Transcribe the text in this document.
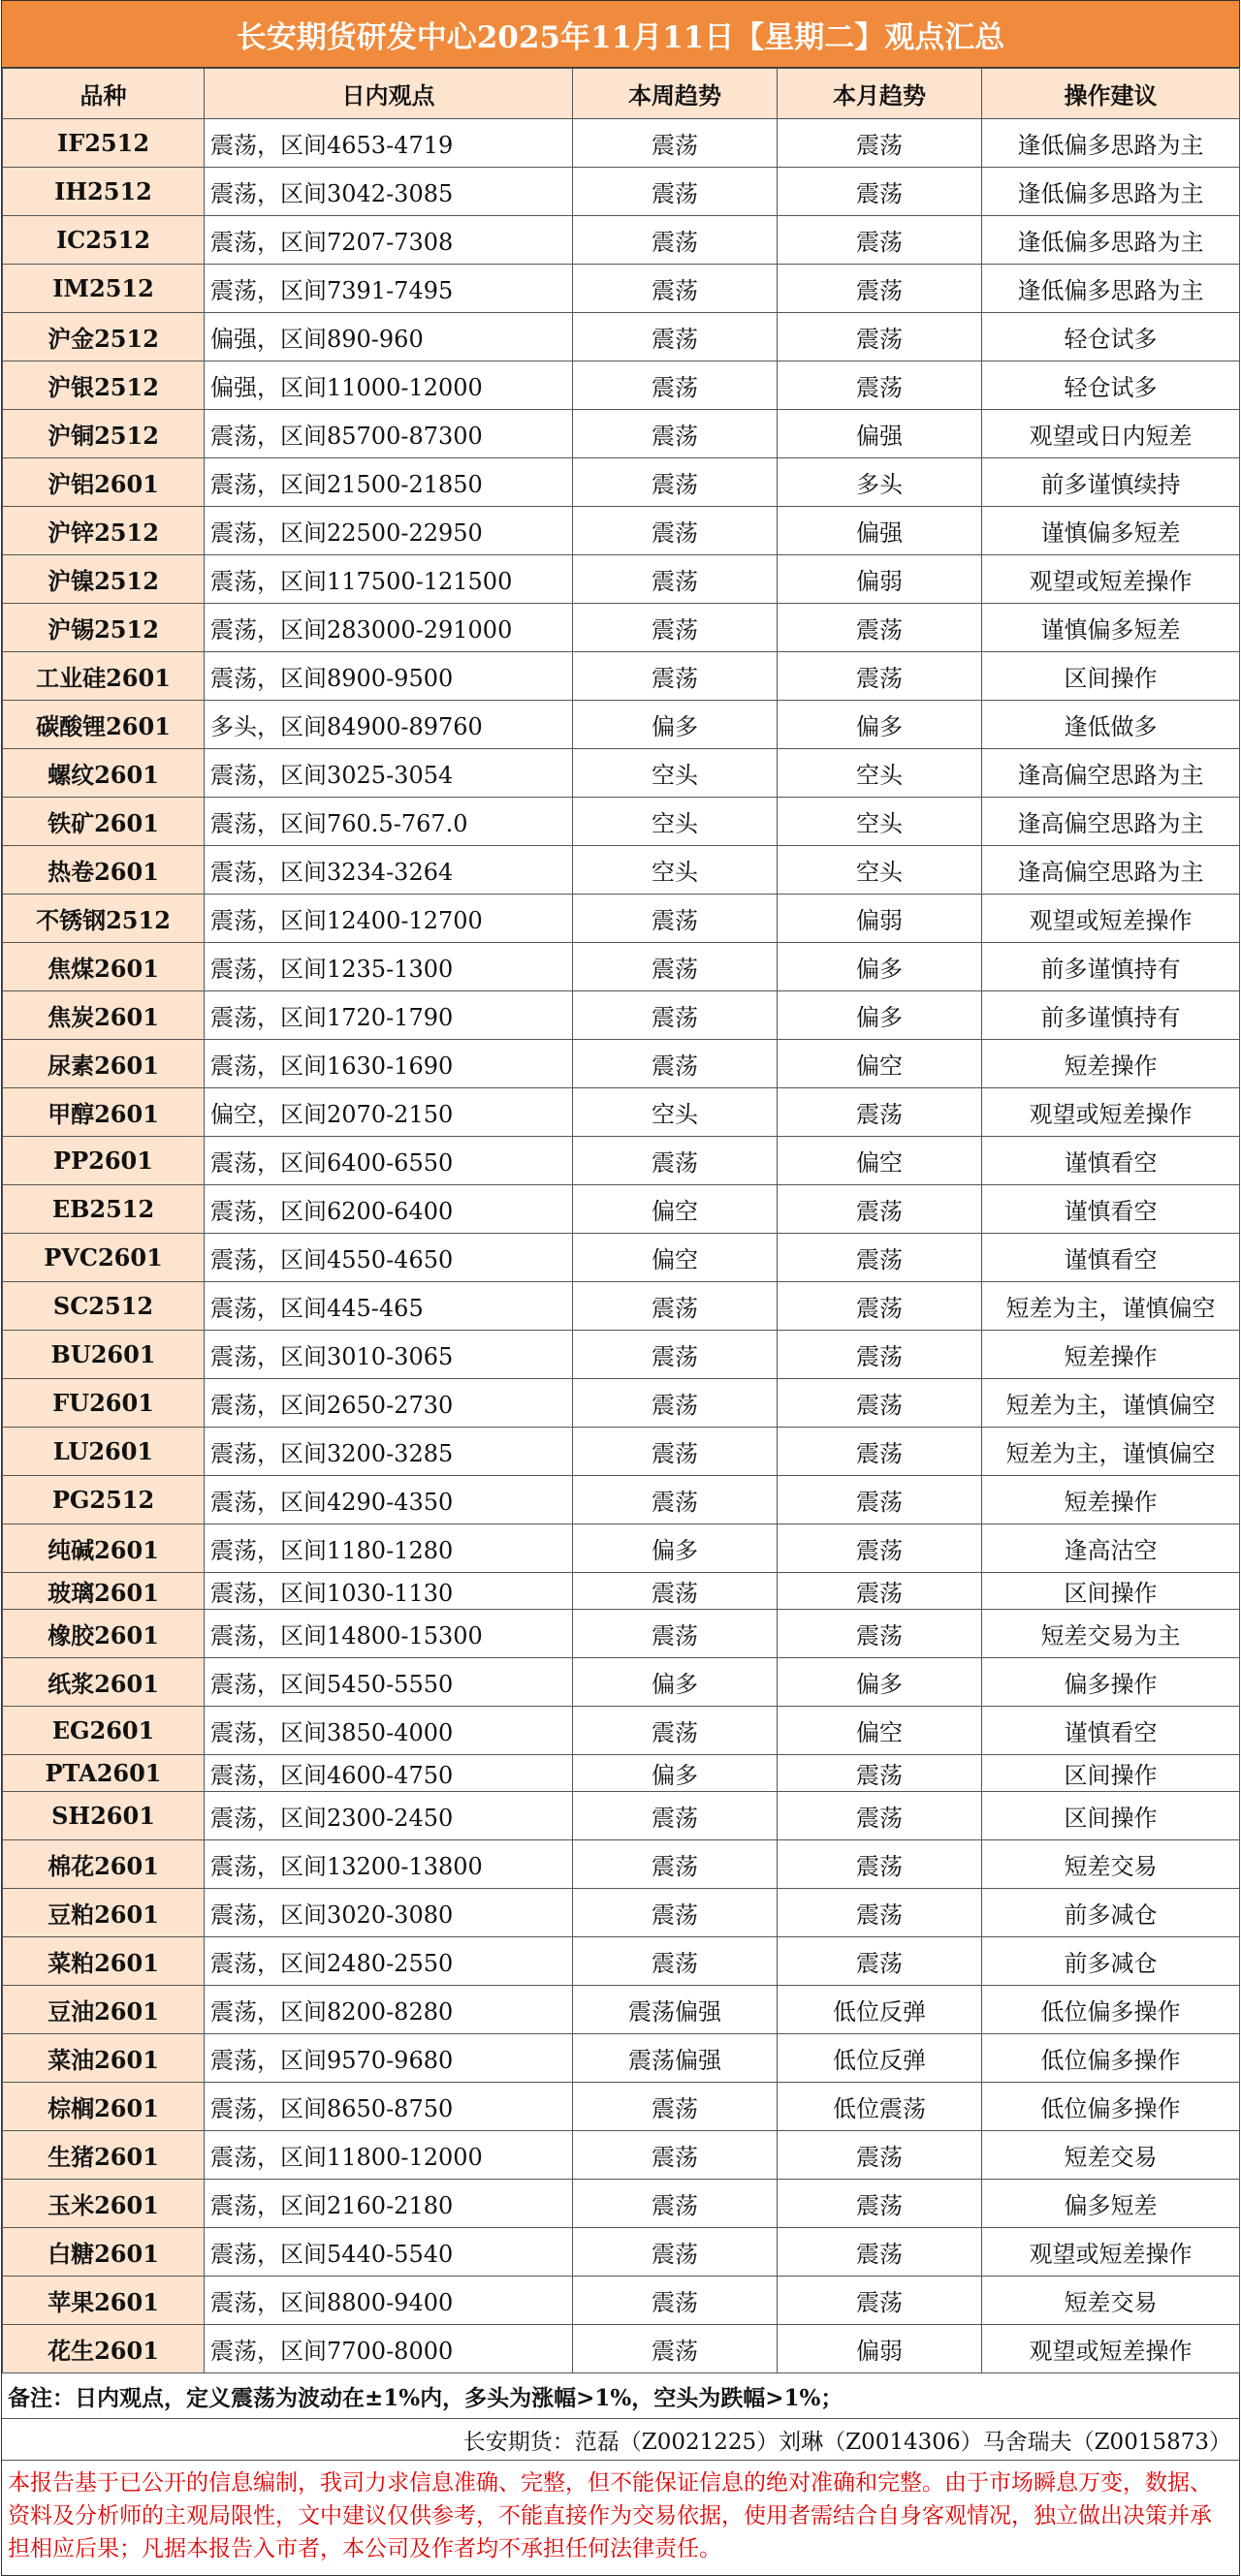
长安期货研发中心2025年11月11日【星期二】观点汇总
品种	日内观点	本周趋势	本月趋势	操作建议
IF2512	震荡，区间4653-4719	震荡	震荡	逢低偏多思路为主
IH2512	震荡，区间3042-3085	震荡	震荡	逢低偏多思路为主
IC2512	震荡，区间7207-7308	震荡	震荡	逢低偏多思路为主
IM2512	震荡，区间7391-7495	震荡	震荡	逢低偏多思路为主
沪金2512	偏强，区间890-960	震荡	震荡	轻仓试多
沪银2512	偏强，区间11000-12000	震荡	震荡	轻仓试多
沪铜2512	震荡，区间85700-87300	震荡	偏强	观望或日内短差
沪铝2601	震荡，区间21500-21850	震荡	多头	前多谨慎续持
沪锌2512	震荡，区间22500-22950	震荡	偏强	谨慎偏多短差
沪镍2512	震荡，区间117500-121500	震荡	偏弱	观望或短差操作
沪锡2512	震荡，区间283000-291000	震荡	震荡	谨慎偏多短差
工业硅2601	震荡，区间8900-9500	震荡	震荡	区间操作
碳酸锂2601	多头，区间84900-89760	偏多	偏多	逢低做多
螺纹2601	震荡，区间3025-3054	空头	空头	逢高偏空思路为主
铁矿2601	震荡，区间760.5-767.0	空头	空头	逢高偏空思路为主
热卷2601	震荡，区间3234-3264	空头	空头	逢高偏空思路为主
不锈钢2512	震荡，区间12400-12700	震荡	偏弱	观望或短差操作
焦煤2601	震荡，区间1235-1300	震荡	偏多	前多谨慎持有
焦炭2601	震荡，区间1720-1790	震荡	偏多	前多谨慎持有
尿素2601	震荡，区间1630-1690	震荡	偏空	短差操作
甲醇2601	偏空，区间2070-2150	空头	震荡	观望或短差操作
PP2601	震荡，区间6400-6550	震荡	偏空	谨慎看空
EB2512	震荡，区间6200-6400	偏空	震荡	谨慎看空
PVC2601	震荡，区间4550-4650	偏空	震荡	谨慎看空
SC2512	震荡，区间445-465	震荡	震荡	短差为主，谨慎偏空
BU2601	震荡，区间3010-3065	震荡	震荡	短差操作
FU2601	震荡，区间2650-2730	震荡	震荡	短差为主，谨慎偏空
LU2601	震荡，区间3200-3285	震荡	震荡	短差为主，谨慎偏空
PG2512	震荡，区间4290-4350	震荡	震荡	短差操作
纯碱2601	震荡，区间1180-1280	偏多	震荡	逢高沽空
玻璃2601	震荡，区间1030-1130	震荡	震荡	区间操作
橡胶2601	震荡，区间14800-15300	震荡	震荡	短差交易为主
纸浆2601	震荡，区间5450-5550	偏多	偏多	偏多操作
EG2601	震荡，区间3850-4000	震荡	偏空	谨慎看空
PTA2601	震荡，区间4600-4750	偏多	震荡	区间操作
SH2601	震荡，区间2300-2450	震荡	震荡	区间操作
棉花2601	震荡，区间13200-13800	震荡	震荡	短差交易
豆粕2601	震荡，区间3020-3080	震荡	震荡	前多减仓
菜粕2601	震荡，区间2480-2550	震荡	震荡	前多减仓
豆油2601	震荡，区间8200-8280	震荡偏强	低位反弹	低位偏多操作
菜油2601	震荡，区间9570-9680	震荡偏强	低位反弹	低位偏多操作
棕榈2601	震荡，区间8650-8750	震荡	低位震荡	低位偏多操作
生猪2601	震荡，区间11800-12000	震荡	震荡	短差交易
玉米2601	震荡，区间2160-2180	震荡	震荡	偏多短差
白糖2601	震荡，区间5440-5540	震荡	震荡	观望或短差操作
苹果2601	震荡，区间8800-9400	震荡	震荡	短差交易
花生2601	震荡，区间7700-8000	震荡	偏弱	观望或短差操作
备注：日内观点，定义震荡为波动在±1%内，多头为涨幅>1%，空头为跌幅>1%；
长安期货：范磊（Z0021225）刘琳（Z0014306）马舍瑞夫（Z0015873）
本报告基于已公开的信息编制，我司力求信息准确、完整，但不能保证信息的绝对准确和完整。由于市场瞬息万变，数据、资料及分析师的主观局限性，文中建议仅供参考，不能直接作为交易依据，使用者需结合自身客观情况，独立做出决策并承担相应后果；凡据本报告入市者，本公司及作者均不承担任何法律责任。
